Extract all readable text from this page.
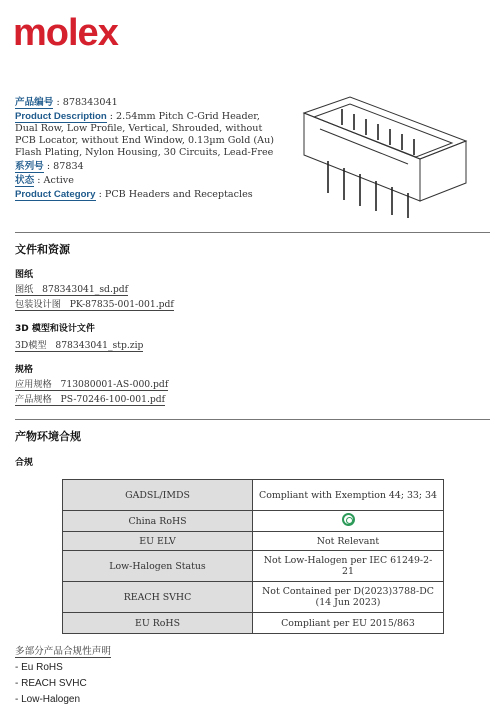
molex
产品编号 : 878343041
Product Description : 2.54mm Pitch C-Grid Header, Dual Row, Low Profile, Vertical, Shrouded, without PCB Locator, without End Window, 0.13µm Gold (Au) Flash Plating, Nylon Housing, 30 Circuits, Lead-Free
系列号 : 87834
状态 : Active
Product Category : PCB Headers and Receptacles
文件和资源
图纸
图纸 878343041_sd.pdf
包装设计图 PK-87835-001-001.pdf
3D 模型和设计文件
3D模型 878343041_stp.zip
规格
应用规格 713080001-AS-000.pdf
产品规格 PS-70246-100-001.pdf
产物环境合规
合规
GADSL/IMDS	Compliant with Exemption 44; 33; 34
China RoHS	
EU ELV	Not Relevant
Low-Halogen Status	Not Low-Halogen per IEC 61249-2-21
REACH SVHC	Not Contained per D(2023)3788-DC (14 Jun 2023)
EU RoHS	Compliant per EU 2015/863
多部分产品合规性声明
- Eu RoHS
- REACH SVHC
- Low-Halogen
